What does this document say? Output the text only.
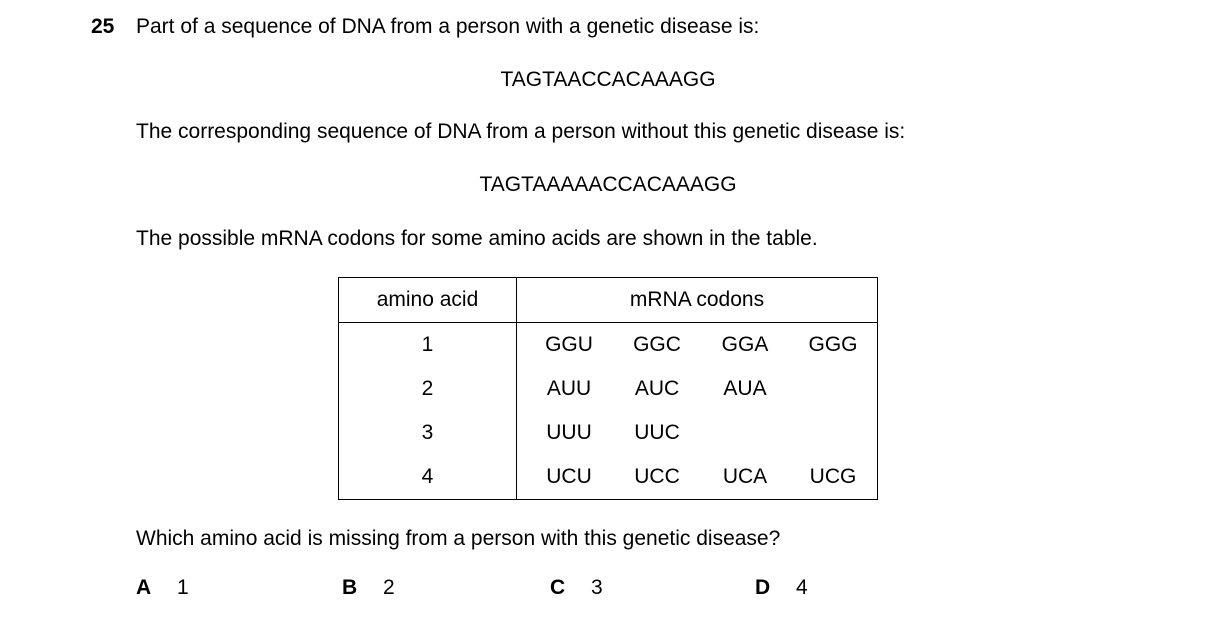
25 Part of a sequence of DNA from a person with a genetic disease is:
TAGTAACCACAAAGG
The corresponding sequence of DNA from a person without this genetic disease is:
TAGTAAAAACCACAAAGG
The possible mRNA codons for some amino acids are shown in the table.
amino acid	mRNA codons
1	GGU GGC GGA GGG

2	AUU AUC AUA

3	UUU UUC

4	UCU UCC UCA UCG
Which amino acid is missing from a person with this genetic disease?
A 1	B 2	C 3	D 4
